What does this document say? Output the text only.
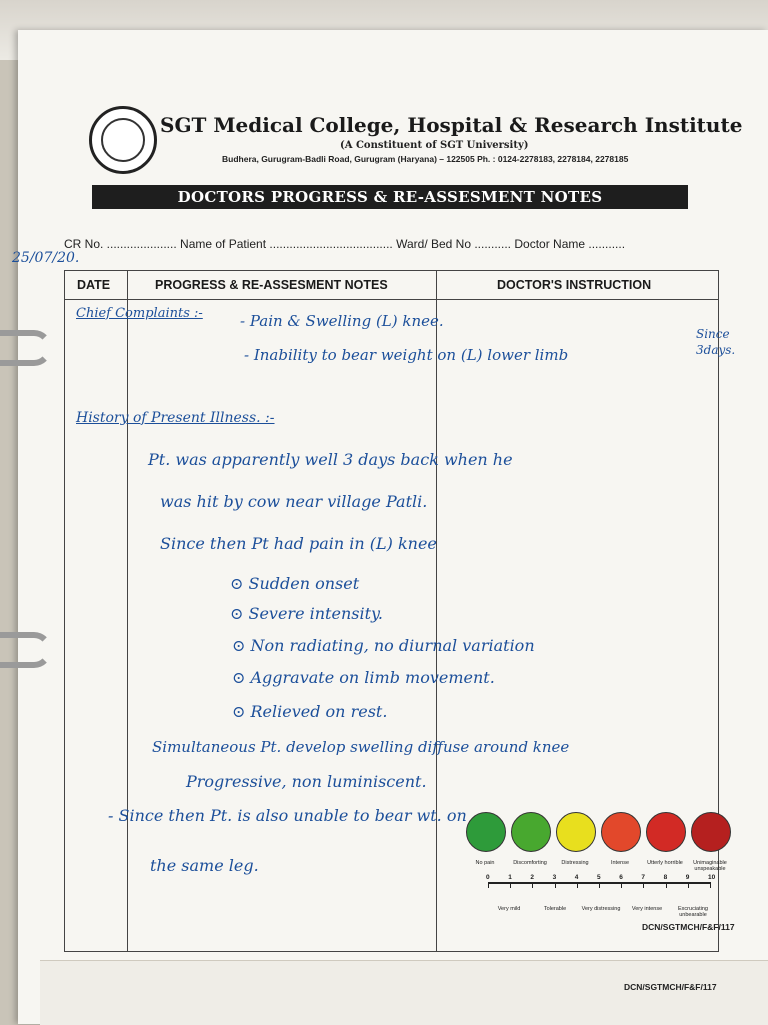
SGT Medical College, Hospital & Research Institute
(A Constituent of SGT University)
Budhera, Gurugram-Badli Road, Gurugram (Haryana) – 122505 Ph. : 0124-2278183, 2278184, 2278185
DOCTORS PROGRESS & RE-ASSESMENT NOTES
CR No. ..................... Name of Patient ..................................... Ward/ Bed No ........... Doctor Name ...........
25/07/20.
DATE	PROGRESS & RE-ASSESMENT NOTES	DOCTOR'S INSTRUCTION
Chief Complaints :- - Pain & Swelling (L) knee.
- Inability to bear weight on (L) lower limb
Since 3days.
History of Present Illness. :-
Pt. was apparently well 3 days back when he
was hit by cow near village Patli.
Since then Pt had pain in (L) knee
⊙ Sudden onset
⊙ Severe intensity.
⊙ Non radiating, no diurnal variation
⊙ Aggravate on limb movement.
⊙ Relieved on rest.
Simultaneous Pt. develop swelling diffuse around knee
Progressive, non luminiscent.
- Since then Pt. is also unable to bear wt. on
the same leg.	No pain	Discomforting	Distressing	Intense	Utterly horrible	Unimaginable unspeakable
0	1	2	3	4	5	6	7	8	9	10
Very mild	Tolerable	Very distressing	Very intense	Excruciating unbearable
DCN/SGTMCH/F&F/117
DCN/SGTMCH/F&F/117
